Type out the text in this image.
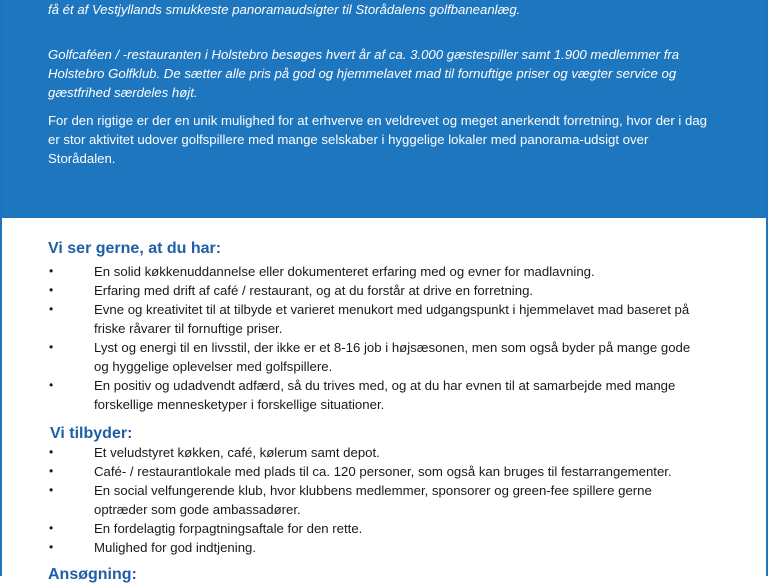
få ét af Vestjyllands smukkeste panoramaudsigter til Storådalens golfbaneanlæg.

Golfcaféen / -restauranten i Holstebro besøges hvert år af ca. 3.000 gæstespiller samt 1.900 medlemmer fra Holstebro Golfklub. De sætter alle pris på god og hjemmelavet mad til fornuftige priser og vægter service og gæstfrihed særdeles højt.

For den rigtige er der en unik mulighed for at erhverve en veldrevet og meget anerkendt forretning, hvor der i dag er stor aktivitet udover golfspillere med mange selskaber i hyggelige lokaler med panorama-udsigt over Storådalen.

Vi ser gerne, at du har:
•	En solid køkkenuddannelse eller dokumenteret erfaring med og evner for madlavning.
•	Erfaring med drift af café / restaurant, og at du forstår at drive en forretning.
•	Evne og kreativitet til at tilbyde et varieret menukort med udgangspunkt i hjemmelavet mad baseret på friske råvarer til fornuftige priser.
•	Lyst og energi til en livsstil, der ikke er et 8-16 job i højsæsonen, men som også byder på mange gode og hyggelige oplevelser med golfspillere.
•	En positiv og udadvendt adfærd, så du trives med, og at du har evnen til at samarbejde med mange forskellige mennesketyper i forskellige situationer.
Vi tilbyder:
•	Et veludstyret køkken, café, kølerum samt depot.
•	Café- / restaurantlokale med plads til ca. 120 personer, som også kan bruges til festarrangementer.
•	En social velfungerende klub, hvor klubbens medlemmer, sponsorer og green-fee spillere gerne optræder som gode ambassadører.
•	En fordelagtig forpagtningsaftale for den rette.
•	Mulighed for god indtjening.
Ansøgning:
